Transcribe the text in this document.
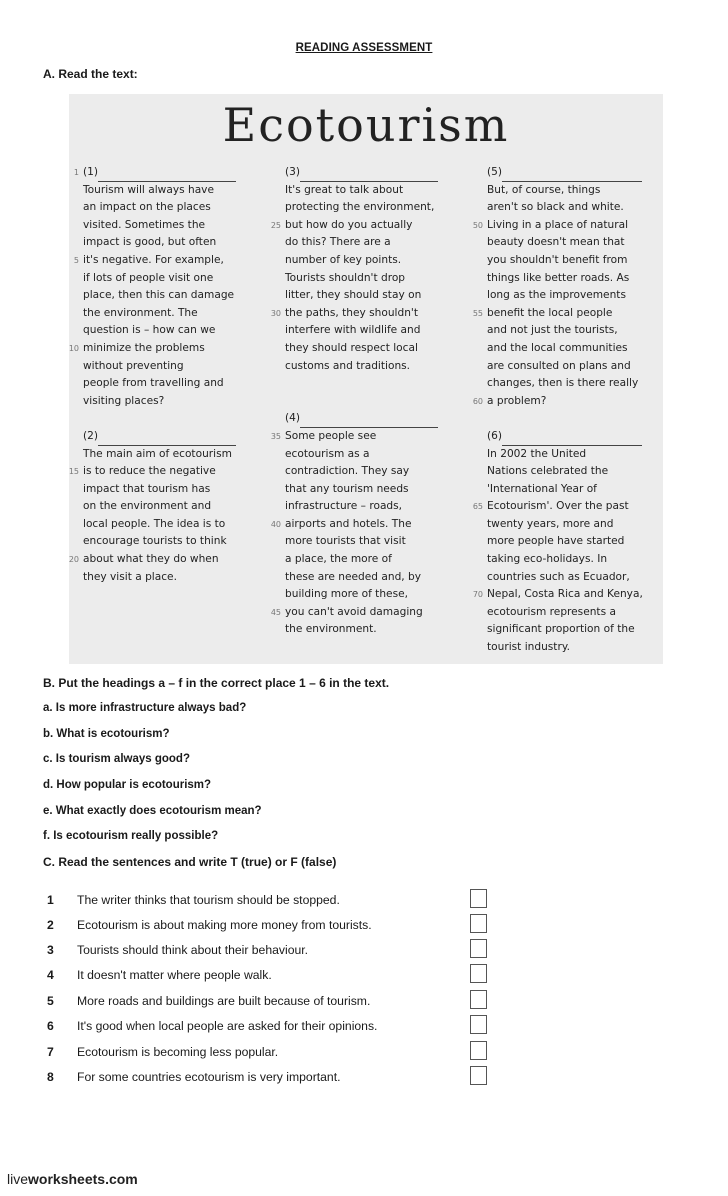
READING ASSESSMENT
A. Read the text:
Ecotourism
1 (1)
Tourism will always have
an impact on the places
visited. Sometimes the
impact is good, but often
5 it's negative. For example,
if lots of people visit one
place, then this can damage
the environment. The
question is – how can we
10 minimize the problems
without preventing
people from travelling and
visiting places?
(2)
The main aim of ecotourism
15 is to reduce the negative
impact that tourism has
on the environment and
local people. The idea is to
encourage tourists to think
20 about what they do when
they visit a place.
(3)
It's great to talk about
protecting the environment,
25 but how do you actually
do this? There are a
number of key points.
Tourists shouldn't drop
litter, they should stay on
30 the paths, they shouldn't
interfere with wildlife and
they should respect local
customs and traditions.
(4)
35 Some people see
ecotourism as a
contradiction. They say
that any tourism needs
infrastructure – roads,
40 airports and hotels. The
more tourists that visit
a place, the more of
these are needed and, by
building more of these,
45 you can't avoid damaging
the environment.
(5)
But, of course, things
aren't so black and white.
50 Living in a place of natural
beauty doesn't mean that
you shouldn't benefit from
things like better roads. As
long as the improvements
55 benefit the local people
and not just the tourists,
and the local communities
are consulted on plans and
changes, then is there really
60 a problem?
(6)
In 2002 the United
Nations celebrated the
'International Year of
65 Ecotourism'. Over the past
twenty years, more and
more people have started
taking eco-holidays. In
countries such as Ecuador,
70 Nepal, Costa Rica and Kenya,
ecotourism represents a
significant proportion of the
tourist industry.
B. Put the headings a – f in the correct place 1 – 6 in the text.
a. Is more infrastructure always bad?
b. What is ecotourism?
c. Is tourism always good?
d. How popular is ecotourism?
e. What exactly does ecotourism mean?
f. Is ecotourism really possible?
C. Read the sentences and write T (true) or F (false)
1 The writer thinks that tourism should be stopped.
2 Ecotourism is about making more money from tourists.
3 Tourists should think about their behaviour.
4 It doesn't matter where people walk.
5 More roads and buildings are built because of tourism.
6 It's good when local people are asked for their opinions.
7 Ecotourism is becoming less popular.
8 For some countries ecotourism is very important.
liveworksheets.com
